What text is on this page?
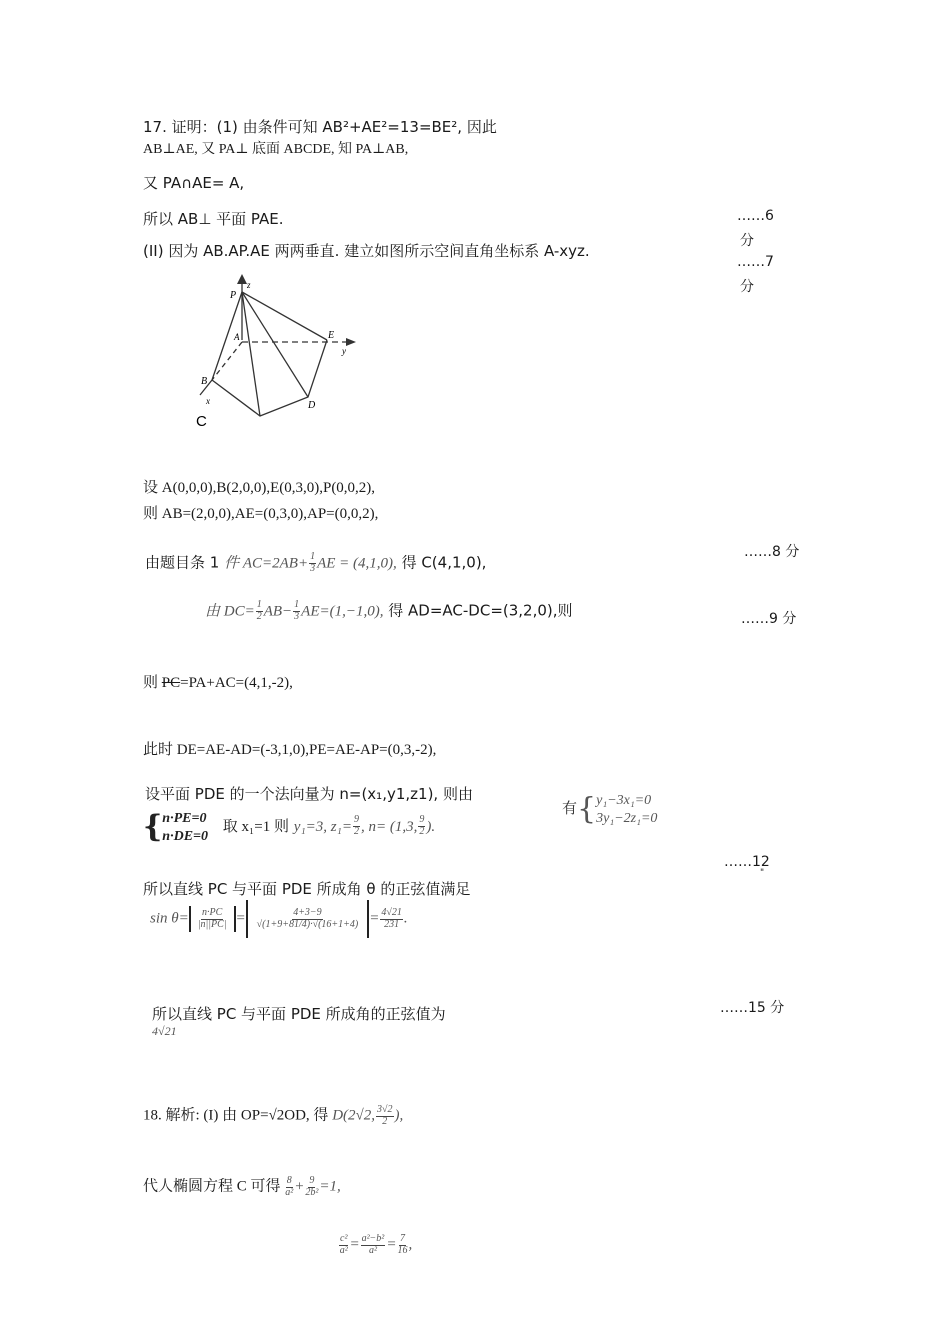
17. 证明：(1) 由条件可知 AB²+AE²=13=BE², 因此
AB⊥AE, 又 PA⊥ 底面 ABCDE, 知 PA⊥AB,
又 PA∩AE= A,
所以 AB⊥ 平面 PAE.	……6
分
(II) 因为 AB.AP.AE 两两垂直. 建立如图所示空间直角坐标系 A-xyz.
……7
分
P
z
A	E
y
B
x	D
C
设 A(0,0,0),B(2,0,0),E(0,3,0),P(0,0,2),
则 AB=(2,0,0),AE=(0,3,0),AP=(0,0,2),
……8 分
由题目条 1 件 $AC=2AB+ \frac{1}{3}$ AE = (4,1,0), 得 C(4,1,0),
由 $DC= \frac{1}{2} AB- \frac{1}{3} AE=(1,-1,0)$, 得 AD=AC-DC=(3,2,0),则	……9 分
则 PC=PA+AC=(4,1,-2),
此时 DE=AE-AD=(-3,1,0),PE=AE-AP=(0,3,-2),
设平面 PDE 的一个法向量为 n=(x₁,y1,z1), 则由
有{ y₁−3x₁=0
3y₁−2z₁=0
{ n·PE=0
n·DE=0
取 x₁=1 则 y₁=3, $z_1= \frac{9}{2}$ , n= (1,3, $\frac{9}{2}$ ).
……12
"
所以直线 PC 与平面 PDE 所成角 θ 的正弦值满足
$\sin \theta= \frac{n\cdot PC}{|n||PC|} = \frac{4+3-9}{√(1+9+81/4)\cdot√(16+1+4)} = \frac{4√21}{231}$ .
所以直线 PC 与平面 PDE 所成角的正弦值为
4√21
……15 分
18. 解析: (I) 由 OP=√2OD, 得 D(2√2, $\frac{3√2}{2}$ ),
代人椭圆方程 C 可得 $\frac{8}{\text{a²}} + \frac{9}{\text{2b²}} =1$,
$\frac{\text{c²}}{\text{a²}} = \frac{\text{a²−b²}}{\text{a²}} = \frac{7}{16}$ ,
